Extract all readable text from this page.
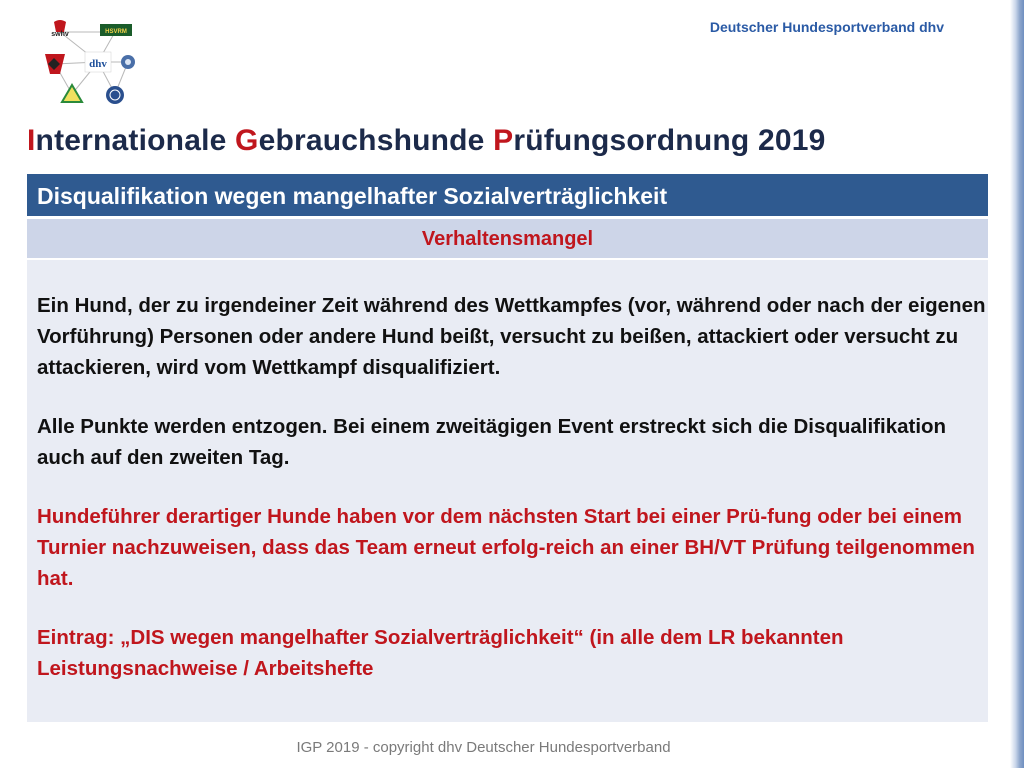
swhv	HSVRM
dhv
Deutscher Hundesportverband dhv
Internationale Gebrauchshunde Prüfungsordnung 2019
Disqualifikation wegen mangelhafter Sozialverträglichkeit
Verhaltensmangel

Ein Hund, der zu irgendeiner Zeit während des Wettkampfes (vor, während oder nach der eigenen Vorführung) Personen oder andere Hund beißt, versucht zu beißen, attackiert oder versucht zu attackieren, wird vom Wettkampf disqualifiziert.

Alle Punkte werden entzogen. Bei einem zweitägigen Event erstreckt sich die Disqualifikation auch auf den zweiten Tag.

Hundeführer derartiger Hunde haben vor dem nächsten Start bei einer Prü-fung oder bei einem Turnier nachzuweisen, dass das Team erneut erfolg-reich an einer BH/VT Prüfung teilgenommen hat.

Eintrag: „DIS wegen mangelhafter Sozialverträglichkeit“ (in alle dem LR bekannten Leistungsnachweise / Arbeitshefte

IGP 2019 - copyright dhv Deutscher Hundesportverband
